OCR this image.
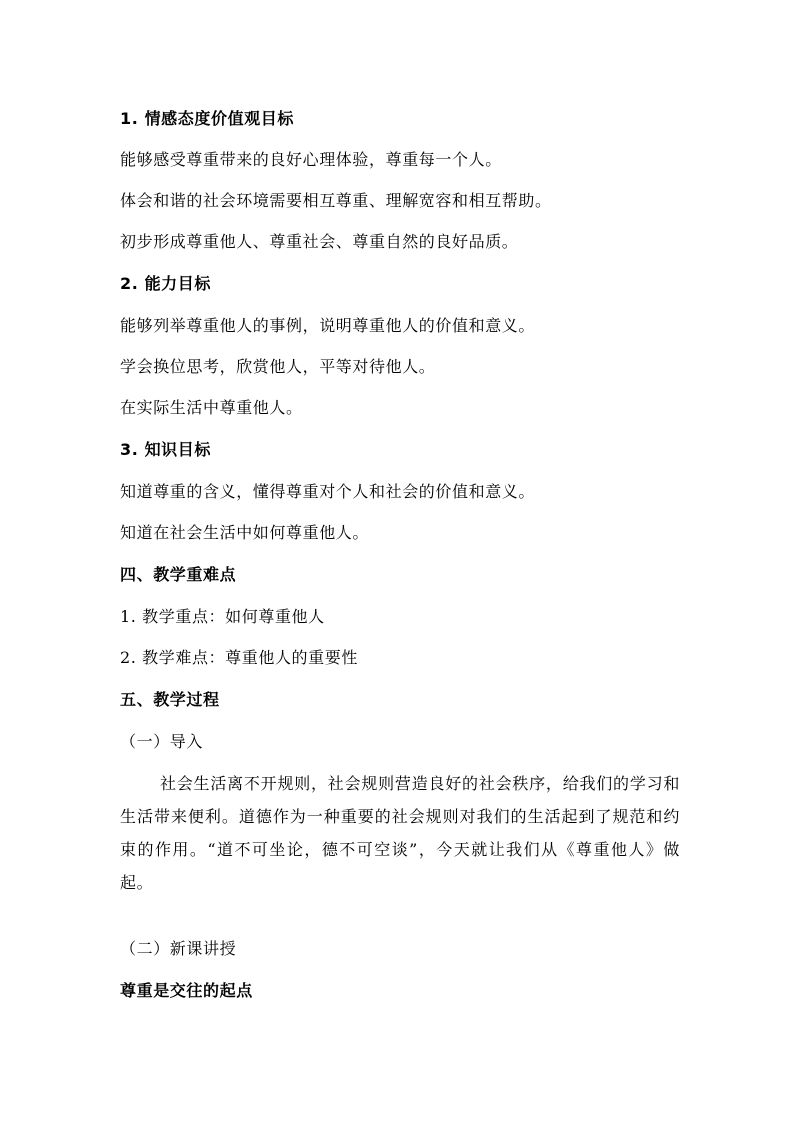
1. 情感态度价值观目标
能够感受尊重带来的良好心理体验，尊重每一个人。
体会和谐的社会环境需要相互尊重、理解宽容和相互帮助。
初步形成尊重他人、尊重社会、尊重自然的良好品质。
2. 能力目标
能够列举尊重他人的事例，说明尊重他人的价值和意义。
学会换位思考，欣赏他人，平等对待他人。
在实际生活中尊重他人。
3. 知识目标
知道尊重的含义，懂得尊重对个人和社会的价值和意义。
知道在社会生活中如何尊重他人。
四、教学重难点
1. 教学重点：如何尊重他人
2. 教学难点：尊重他人的重要性
五、教学过程
（一）导入
社会生活离不开规则，社会规则营造良好的社会秩序，给我们的学习和生活带来便利。道德作为一种重要的社会规则对我们的生活起到了规范和约束的作用。“道不可坐论，德不可空谈”，今天就让我们从《尊重他人》做起。
（二）新课讲授
尊重是交往的起点
